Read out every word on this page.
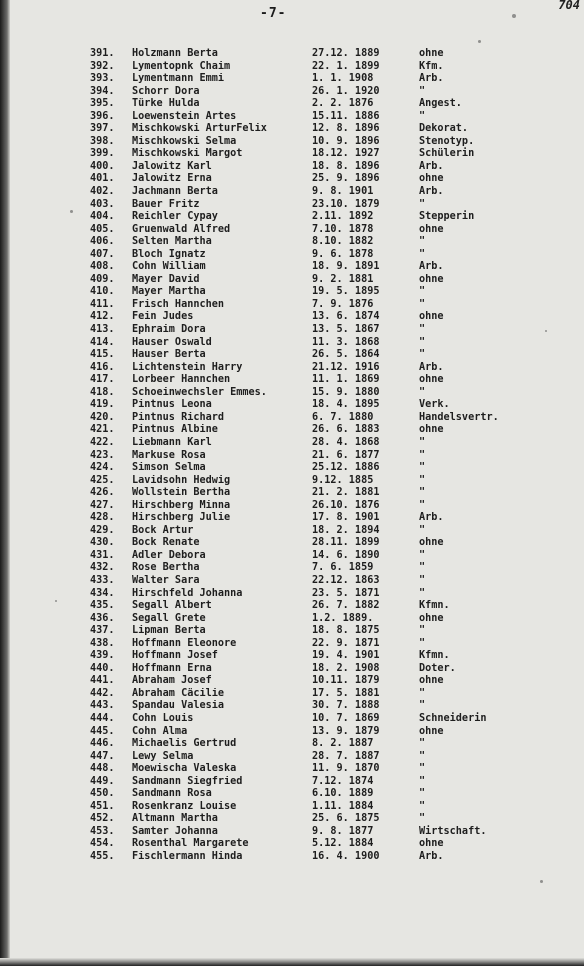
-7-
704
391.	Holzmann Berta	27.12. 1889	ohne
392.	Lymentopnk Chaim	22. 1. 1899	Kfm.
393.	Lymentmann Emmi	1. 1. 1908	Arb.
394.	Schorr Dora	26. 1. 1920	"
395.	Türke Hulda	2. 2. 1876	Angest.
396.	Loewenstein Artes	15.11. 1886	"
397.	Mischkowski ArturFelix	12. 8. 1896	Dekorat.
398.	Mischkowski Selma	10. 9. 1896	Stenotyp.
399.	Mischkowski Margot	18.12. 1927	Schülerin
400.	Jalowitz Karl	18. 8. 1896	Arb.
401.	Jalowitz Erna	25. 9. 1896	ohne
402.	Jachmann Berta	9. 8. 1901	Arb.
403.	Bauer Fritz	23.10. 1879	"
404.	Reichler Cypay	2.11. 1892	Stepperin
405.	Gruenwald Alfred	7.10. 1878	ohne
406.	Selten Martha	8.10. 1882	"
407.	Bloch Ignatz	9. 6. 1878	"
408.	Cohn William	18. 9. 1891	Arb.
409.	Mayer David	9. 2. 1881	ohne
410.	Mayer Martha	19. 5. 1895	"
411.	Frisch Hannchen	7. 9. 1876	"
412.	Fein Judes	13. 6. 1874	ohne
413.	Ephraim Dora	13. 5. 1867	"
414.	Hauser Oswald	11. 3. 1868	"
415.	Hauser Berta	26. 5. 1864	"
416.	Lichtenstein Harry	21.12. 1916	Arb.
417.	Lorbeer Hannchen	11. 1. 1869	ohne
418.	Schoeinwechsler Emmes.	15. 9. 1880	"
419.	Pintnus Leona	18. 4. 1895	Verk.
420.	Pintnus Richard	6. 7. 1880	Handelsvertr.
421.	Pintnus Albine	26. 6. 1883	ohne
422.	Liebmann Karl	28. 4. 1868	"
423.	Markuse Rosa	21. 6. 1877	"
424.	Simson Selma	25.12. 1886	"
425.	Lavidsohn Hedwig	9.12. 1885	"
426.	Wollstein Bertha	21. 2. 1881	"
427.	Hirschberg Minna	26.10. 1876	"
428.	Hirschberg Julie	17. 8. 1901	Arb.
429.	Bock Artur	18. 2. 1894	"
430.	Bock Renate	28.11. 1899	ohne
431.	Adler Debora	14. 6. 1890	"
432.	Rose Bertha	7. 6. 1859	"
433.	Walter Sara	22.12. 1863	"
434.	Hirschfeld Johanna	23. 5. 1871	"
435.	Segall Albert	26. 7. 1882	Kfmn.
436.	Segall Grete	1.2. 1889.	ohne
437.	Lipman Berta	18. 8. 1875	"
438.	Hoffmann Eleonore	22. 9. 1871	"
439.	Hoffmann Josef	19. 4. 1901	Kfmn.
440.	Hoffmann Erna	18. 2. 1908	Doter.
441.	Abraham Josef	10.11. 1879	ohne
442.	Abraham Cäcilie	17. 5. 1881	"
443.	Spandau Valesia	30. 7. 1888	"
444.	Cohn Louis	10. 7. 1869	Schneiderin
445.	Cohn Alma	13. 9. 1879	ohne
446.	Michaelis Gertrud	8. 2. 1887	"
447.	Lewy Selma	28. 7. 1887	"
448.	Moewischa Valeska	11. 9. 1870	"
449.	Sandmann Siegfried	7.12. 1874	"
450.	Sandmann Rosa	6.10. 1889	"
451.	Rosenkranz Louise	1.11. 1884	"
452.	Altmann Martha	25. 6. 1875	"
453.	Samter Johanna	9. 8. 1877	Wirtschaft.
454.	Rosenthal Margarete	5.12. 1884	ohne
455.	Fischlermann Hinda	16. 4. 1900	Arb.
